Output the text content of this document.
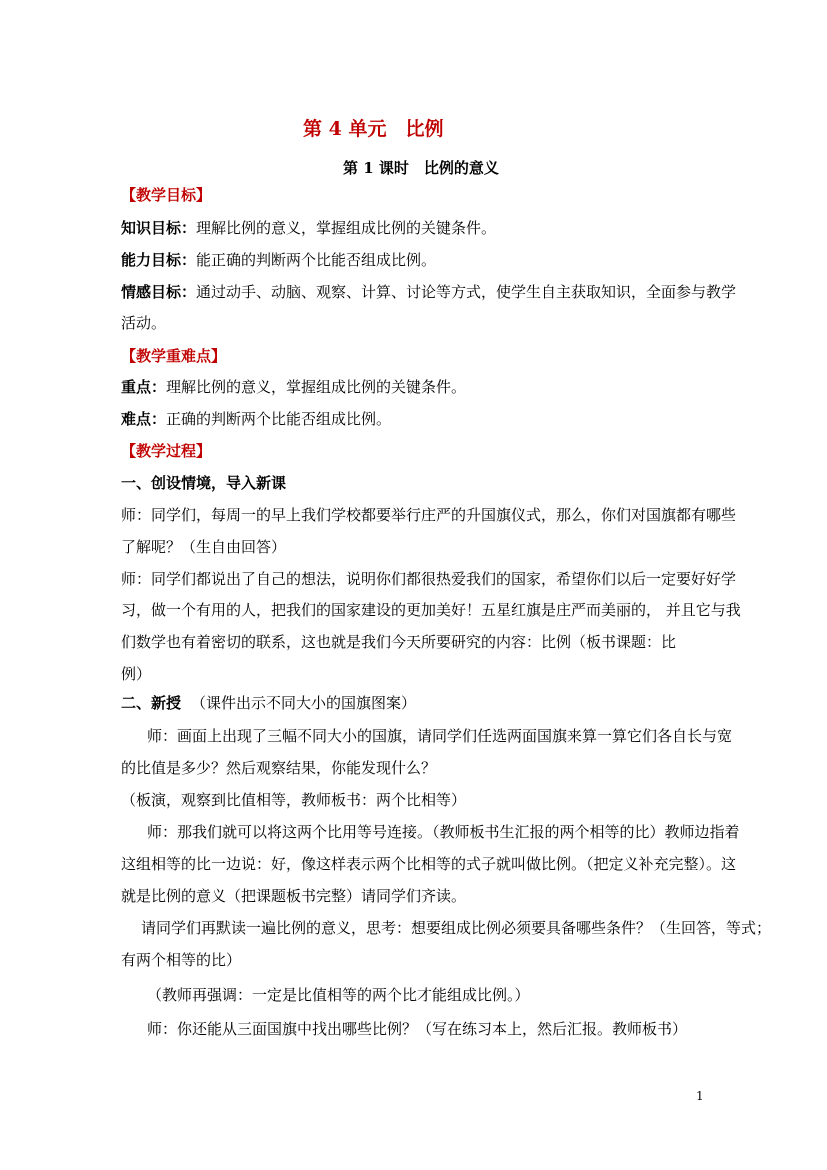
第 4 单元　比例
第 1 课时　比例的意义
【教学目标】
知识目标：理解比例的意义，掌握组成比例的关键条件。
能力目标：能正确的判断两个比能否组成比例。
情感目标：通过动手、动脑、观察、计算、讨论等方式，使学生自主获取知识，全面参与教学
活动。
【教学重难点】
重点：理解比例的意义，掌握组成比例的关键条件。
难点：正确的判断两个比能否组成比例。
【教学过程】
一、创设情境，导入新课
师：同学们，每周一的早上我们学校都要举行庄严的升国旗仪式，那么，你们对国旗都有哪些
了解呢？（生自由回答）
师：同学们都说出了自己的想法，说明你们都很热爱我们的国家，希望你们以后一定要好好学
习，做一个有用的人，把我们的国家建设的更加美好！五星红旗是庄严而美丽的， 并且它与我
们数学也有着密切的联系，这也就是我们今天所要研究的内容：比例（板书课题：比
例）
二、新授 （课件出示不同大小的国旗图案）
师：画面上出现了三幅不同大小的国旗，请同学们任选两面国旗来算一算它们各自长与宽
的比值是多少？然后观察结果，你能发现什么？
（板演，观察到比值相等，教师板书：两个比相等）
师：那我们就可以将这两个比用等号连接。（教师板书生汇报的两个相等的比）教师边指着
这组相等的比一边说：好，像这样表示两个比相等的式子就叫做比例。（把定义补充完整）。这
就是比例的意义（把课题板书完整）请同学们齐读。
请同学们再默读一遍比例的意义，思考：想要组成比例必须要具备哪些条件？（生回答，等式；
有两个相等的比）
（教师再强调：一定是比值相等的两个比才能组成比例。）
师：你还能从三面国旗中找出哪些比例？（写在练习本上，然后汇报。教师板书）
1
